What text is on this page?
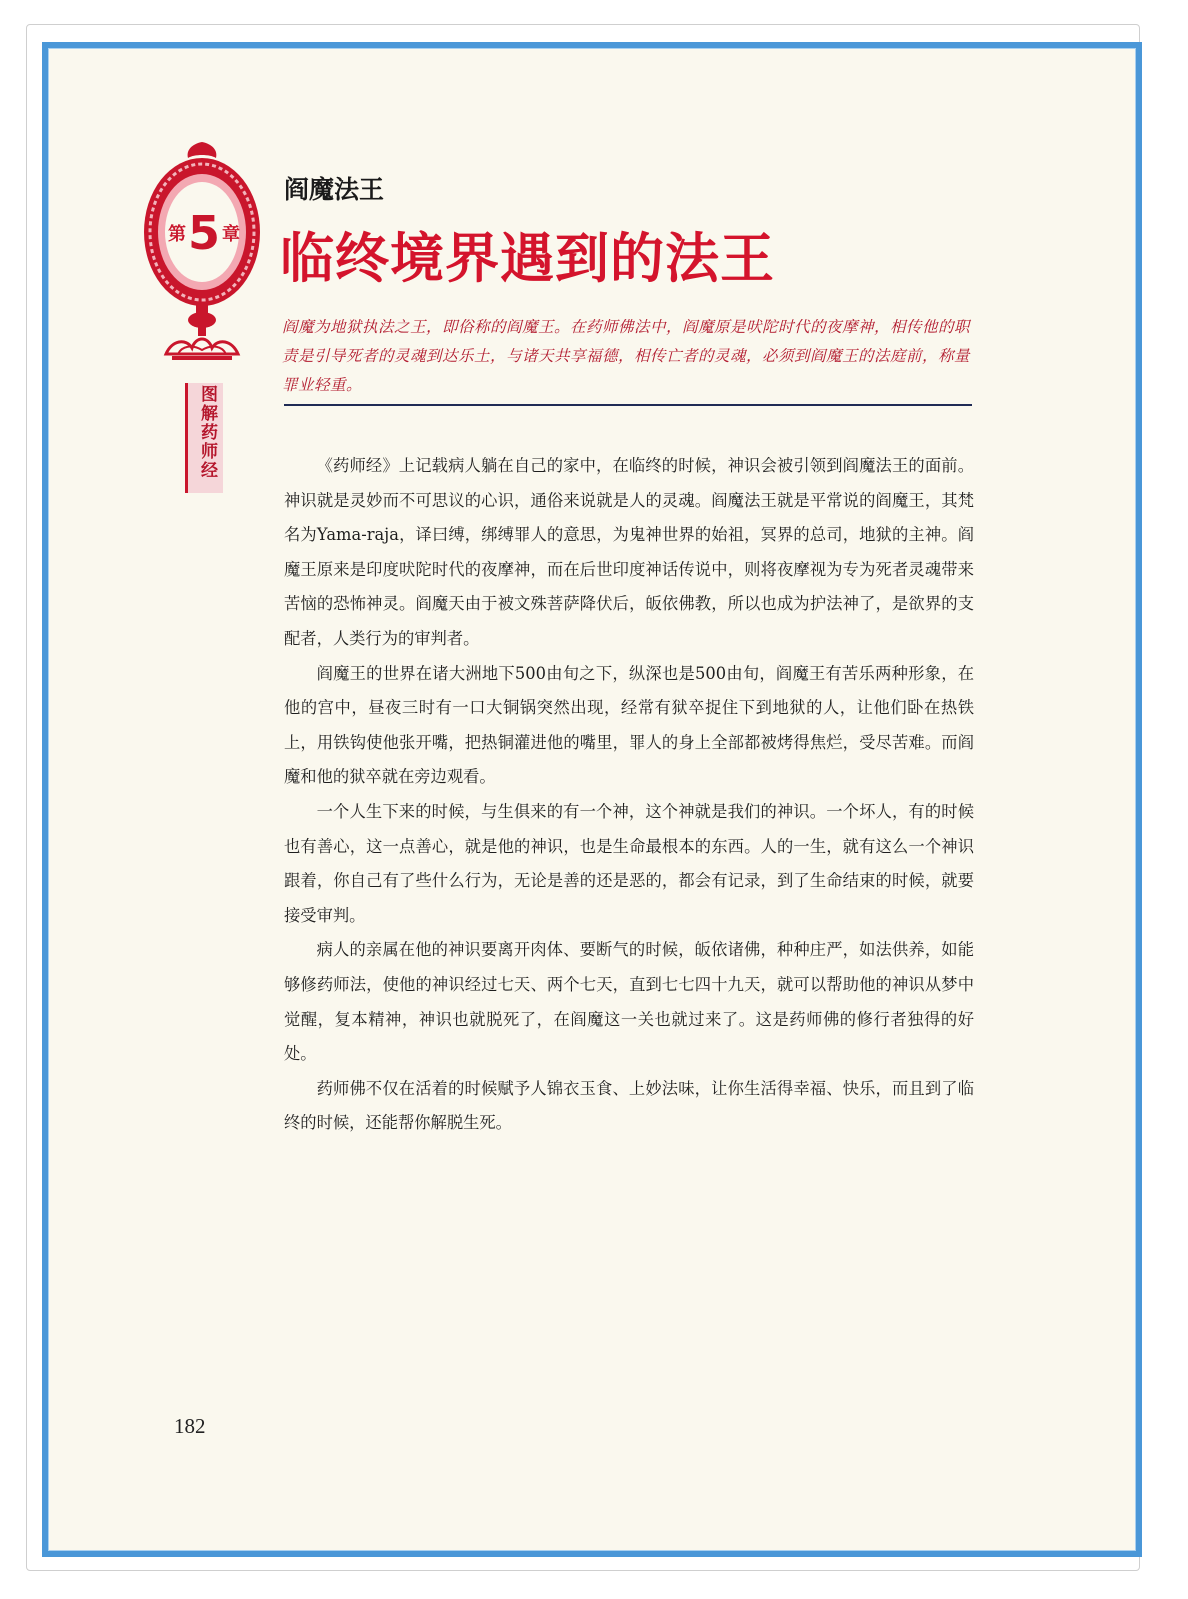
第 5 章
图解药师经
阎魔法王
临终境界遇到的法王
阎魔为地狱执法之王，即俗称的阎魔王。在药师佛法中，阎魔原是吠陀时代的夜摩神，相传他的职责是引导死者的灵魂到达乐土，与诸天共享福德，相传亡者的灵魂，必须到阎魔王的法庭前，称量罪业轻重。

《药师经》上记载病人躺在自己的家中，在临终的时候，神识会被引领到阎魔法王的面前。神识就是灵妙而不可思议的心识，通俗来说就是人的灵魂。阎魔法王就是平常说的阎魔王，其梵名为Yama-raja，译曰缚，绑缚罪人的意思，为鬼神世界的始祖，冥界的总司，地狱的主神。阎魔王原来是印度吠陀时代的夜摩神，而在后世印度神话传说中，则将夜摩视为专为死者灵魂带来苦恼的恐怖神灵。阎魔天由于被文殊菩萨降伏后，皈依佛教，所以也成为护法神了，是欲界的支配者，人类行为的审判者。

阎魔王的世界在诸大洲地下500由旬之下，纵深也是500由旬，阎魔王有苦乐两种形象，在他的宫中，昼夜三时有一口大铜锅突然出现，经常有狱卒捉住下到地狱的人，让他们卧在热铁上，用铁钩使他张开嘴，把热铜灌进他的嘴里，罪人的身上全部都被烤得焦烂，受尽苦难。而阎魔和他的狱卒就在旁边观看。

一个人生下来的时候，与生俱来的有一个神，这个神就是我们的神识。一个坏人，有的时候也有善心，这一点善心，就是他的神识，也是生命最根本的东西。人的一生，就有这么一个神识跟着，你自己有了些什么行为，无论是善的还是恶的，都会有记录，到了生命结束的时候，就要接受审判。

病人的亲属在他的神识要离开肉体、要断气的时候，皈依诸佛，种种庄严，如法供养，如能够修药师法，使他的神识经过七天、两个七天，直到七七四十九天，就可以帮助他的神识从梦中觉醒，复本精神，神识也就脱死了，在阎魔这一关也就过来了。这是药师佛的修行者独得的好处。

药师佛不仅在活着的时候赋予人锦衣玉食、上妙法味，让你生活得幸福、快乐，而且到了临终的时候，还能帮你解脱生死。

182
